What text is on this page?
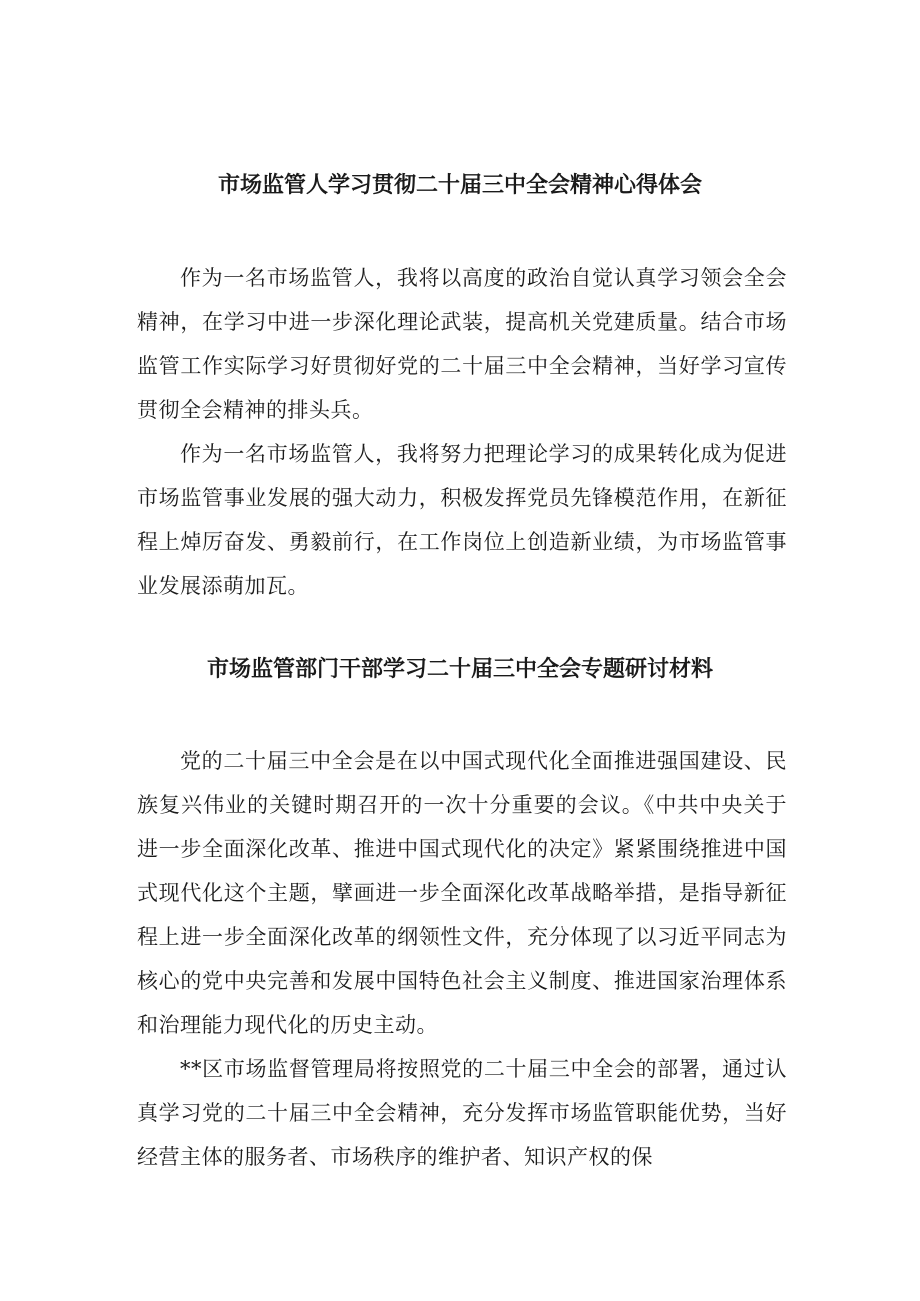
市场监管人学习贯彻二十届三中全会精神心得体会

作为一名市场监管人，我将以高度的政治自觉认真学习领会全会精神，在学习中进一步深化理论武装，提高机关党建质量。结合市场监管工作实际学习好贯彻好党的二十届三中全会精神，当好学习宣传贯彻全会精神的排头兵。

作为一名市场监管人，我将努力把理论学习的成果转化成为促进市场监管事业发展的强大动力，积极发挥党员先锋模范作用，在新征程上焯厉奋发、勇毅前行，在工作岗位上创造新业绩，为市场监管事业发展添萌加瓦。

市场监管部门干部学习二十届三中全会专题研讨材料

党的二十届三中全会是在以中国式现代化全面推进强国建设、民族复兴伟业的关键时期召开的一次十分重要的会议。《中共中央关于进一步全面深化改革、推进中国式现代化的决定》紧紧围绕推进中国式现代化这个主题，擘画进一步全面深化改革战略举措，是指导新征程上进一步全面深化改革的纲领性文件，充分体现了以习近平同志为核心的党中央完善和发展中国特色社会主义制度、推进国家治理体系和治理能力现代化的历史主动。

**区市场监督管理局将按照党的二十届三中全会的部署，通过认真学习党的二十届三中全会精神，充分发挥市场监管职能优势，当好经营主体的服务者、市场秩序的维护者、知识产权的保
